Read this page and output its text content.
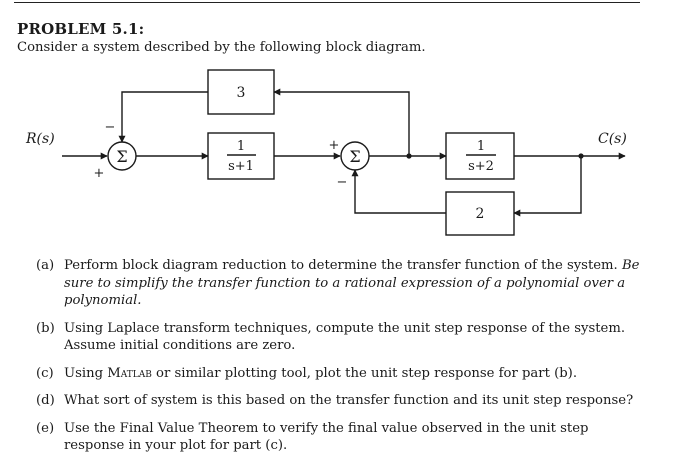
PROBLEM 5.1:
Consider a system described by the following block diagram.
R(s)	C(s)
Σ
−
+
Σ
+
−
1
s+1
1
s+2
3
2
(a) Perform block diagram reduction to determine the transfer function of the system. Be sure to simplify the transfer function to a rational expression of a polynomial over a polynomial.
(b) Using Laplace transform techniques, compute the unit step response of the system. Assume initial conditions are zero.
(c) Using Matlab or similar plotting tool, plot the unit step response for part (b).
(d) What sort of system is this based on the transfer function and its unit step response?
(e) Use the Final Value Theorem to verify the final value observed in the unit step response in your plot for part (c).
